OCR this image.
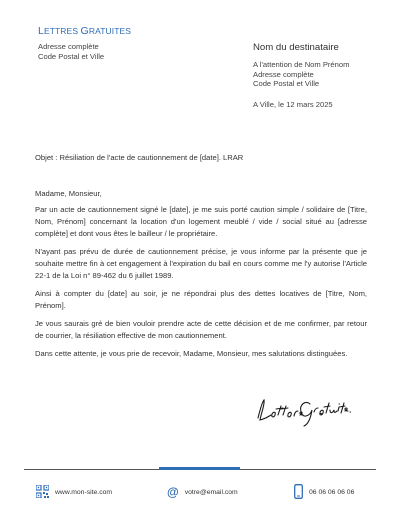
LETTRES GRATUITES
Adresse complète
Code Postal et Ville
Nom du destinataire
A l'attention de Nom Prénom
Adresse complète
Code Postal et Ville
A Ville, le 12 mars 2025
Objet : Résiliation de l'acte de cautionnement de [date]. LRAR

Madame, Monsieur,

Par un acte de cautionnement signé le [date], je me suis porté caution simple / solidaire de [Titre, Nom, Prénom] concernant la location d'un logement meublé / vide / social situé au [adresse complète] et dont vous êtes le bailleur / le propriétaire.

N'ayant pas prévu de durée de cautionnement précise, je vous informe par la présente que je souhaite mettre fin à cet engagement à l'expiration du bail en cours comme me l'y autorise l'Article 22-1 de la Loi n° 89-462 du 6 juillet 1989.

Ainsi à compter du [date] au soir, je ne répondrai plus des dettes locatives de [Titre, Nom, Prénom].

Je vous saurais gré de bien vouloir prendre acte de cette décision et de me confirmer, par retour de courrier, la résiliation effective de mon cautionnement.

Dans cette attente, je vous prie de recevoir, Madame, Monsieur, mes salutations distinguées.

www.mon-site.com	@ votre@email.com	06 06 06 06 06
